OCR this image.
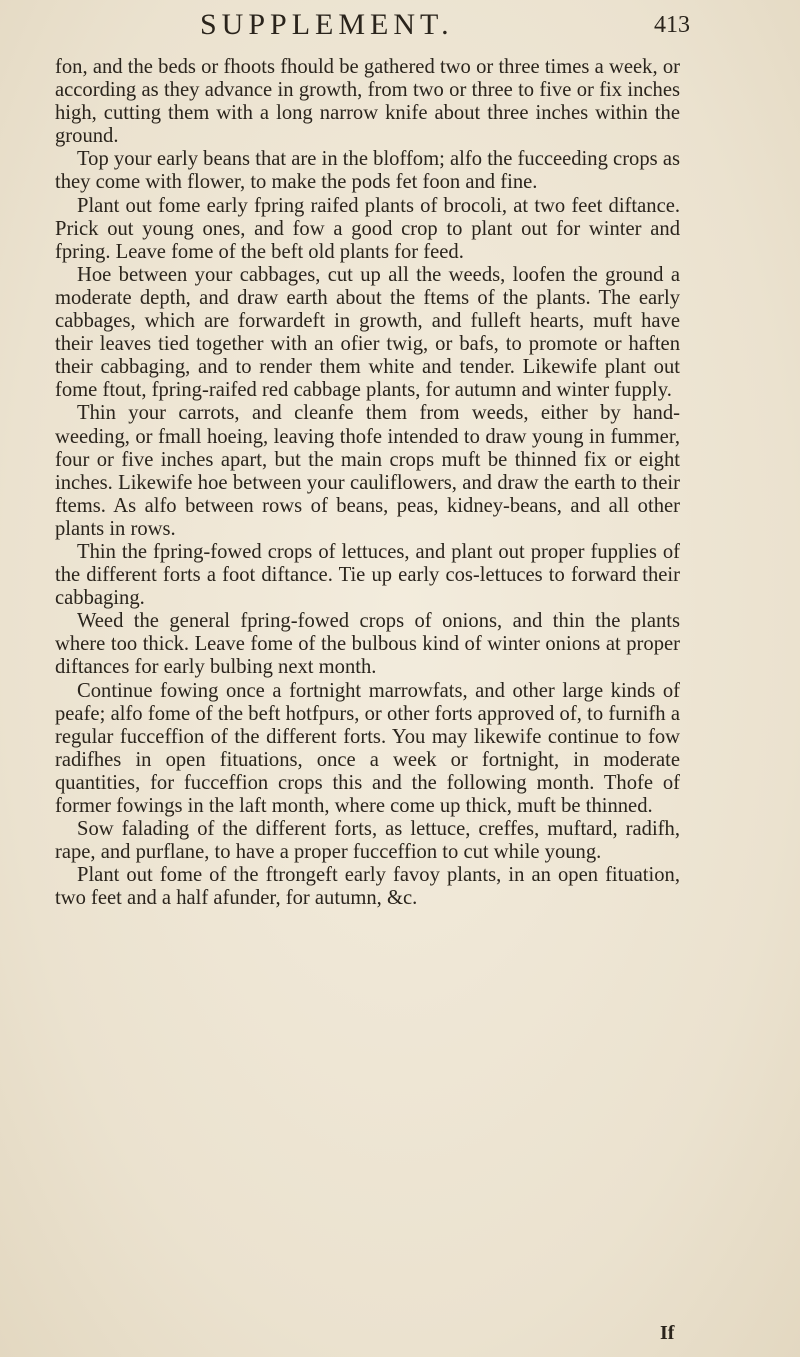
SUPPLEMENT.	413

fon, and the beds or fhoots fhould be gathered two or three times a week, or according as they advance in growth, from two or three to five or fix inches high, cutting them with a long narrow knife about three inches within the ground.

Top your early beans that are in the bloffom; alfo the fucceeding crops as they come with flower, to make the pods fet foon and fine.

Plant out fome early fpring raifed plants of brocoli, at two feet diftance. Prick out young ones, and fow a good crop to plant out for winter and fpring. Leave fome of the beft old plants for feed.

Hoe between your cabbages, cut up all the weeds, loofen the ground a moderate depth, and draw earth about the ftems of the plants. The early cabbages, which are forwardeft in growth, and fulleft hearts, muft have their leaves tied together with an ofier twig, or bafs, to promote or haften their cabbaging, and to render them white and tender. Likewife plant out fome ftout, fpring-raifed red cabbage plants, for autumn and winter fupply.

Thin your carrots, and cleanfe them from weeds, either by hand-weeding, or fmall hoeing, leaving thofe intended to draw young in fummer, four or five inches apart, but the main crops muft be thinned fix or eight inches. Likewife hoe between your cauliflowers, and draw the earth to their ftems. As alfo between rows of beans, peas, kidney-beans, and all other plants in rows.

Thin the fpring-fowed crops of lettuces, and plant out proper fupplies of the different forts a foot diftance. Tie up early cos-lettuces to forward their cabbaging.

Weed the general fpring-fowed crops of onions, and thin the plants where too thick. Leave fome of the bulbous kind of winter onions at proper diftances for early bulbing next month.

Continue fowing once a fortnight marrowfats, and other large kinds of peafe; alfo fome of the beft hotfpurs, or other forts approved of, to furnifh a regular fucceffion of the different forts. You may likewife continue to fow radifhes in open fituations, once a week or fortnight, in moderate quantities, for fucceffion crops this and the following month. Thofe of former fowings in the laft month, where come up thick, muft be thinned.

Sow falading of the different forts, as lettuce, creffes, muftard, radifh, rape, and purflane, to have a proper fucceffion to cut while young.

Plant out fome of the ftrongeft early favoy plants, in an open fituation, two feet and a half afunder, for autumn, &c.

If
